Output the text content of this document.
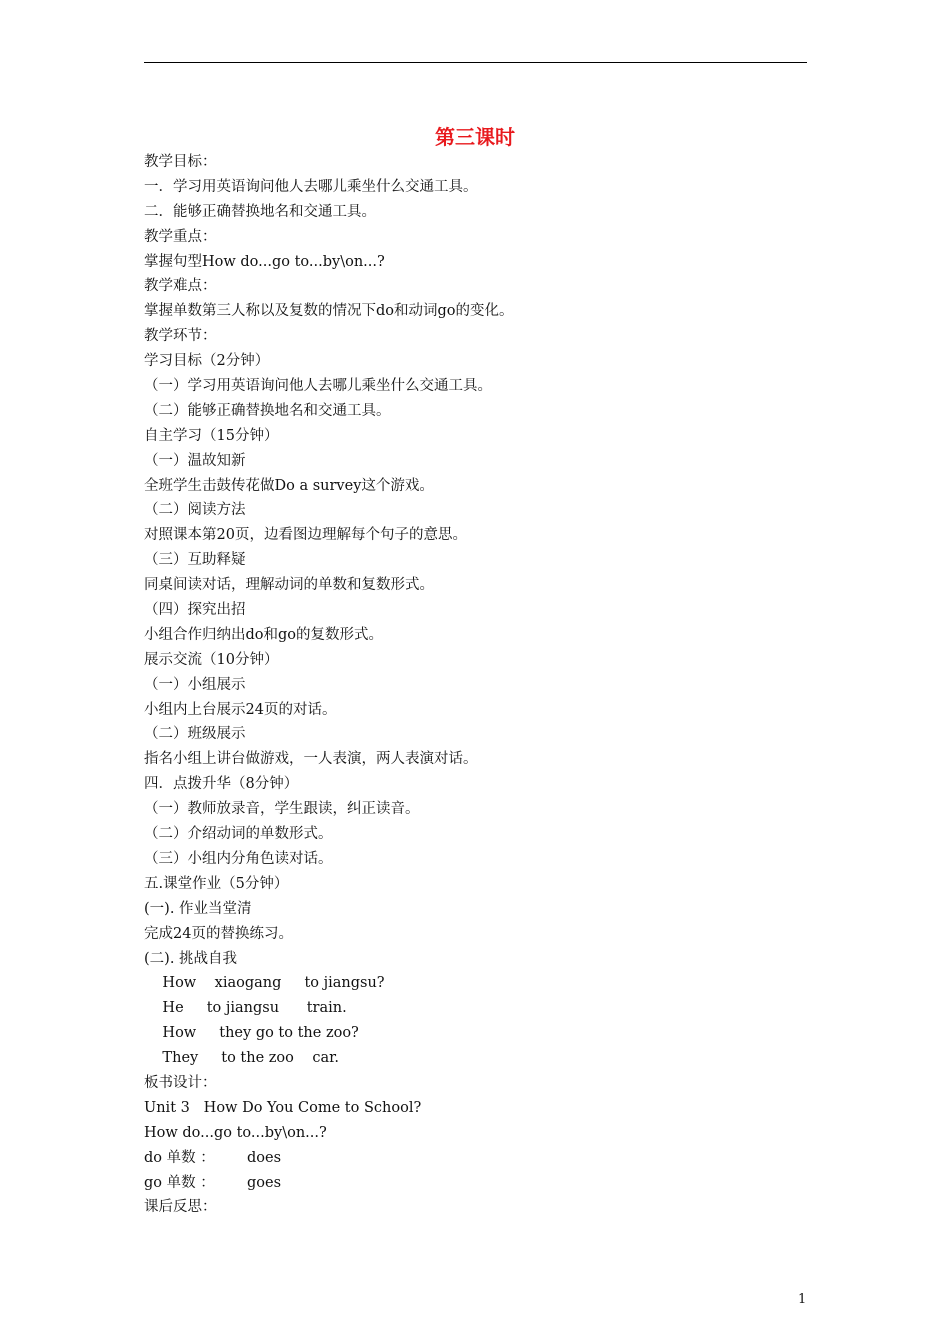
第三课时
教学目标：
一．学习用英语询问他人去哪儿乘坐什么交通工具。
二．能够正确替换地名和交通工具。
教学重点：
掌握句型How do...go to...by\on...?
教学难点：
掌握单数第三人称以及复数的情况下do和动词go的变化。
教学环节：
学习目标（2分钟）
（一）学习用英语询问他人去哪儿乘坐什么交通工具。
（二）能够正确替换地名和交通工具。
自主学习（15分钟）
（一）温故知新
全班学生击鼓传花做Do a survey这个游戏。
（二）阅读方法
对照课本第20页，边看图边理解每个句子的意思。
（三）互助释疑
同桌间读对话，理解动词的单数和复数形式。
（四）探究出招
小组合作归纳出do和go的复数形式。
展示交流（10分钟）
（一）小组展示
小组内上台展示24页的对话。
（二）班级展示
指名小组上讲台做游戏，一人表演，两人表演对话。
四．点拨升华（8分钟）
（一）教师放录音，学生跟读，纠正读音。
（二）介绍动词的单数形式。
（三）小组内分角色读对话。
五.课堂作业（5分钟）
(一). 作业当堂清
完成24页的替换练习。
(二). 挑战自我
How    xiaogang     to jiangsu?
He     to jiangsu      train.
How     they go to the zoo?
They     to the zoo    car.
板书设计：
Unit 3   How Do You Come to School?
How do...go to...by\on...?
do 单数 ：       does
go 单数 ：       goes
课后反思：
1
